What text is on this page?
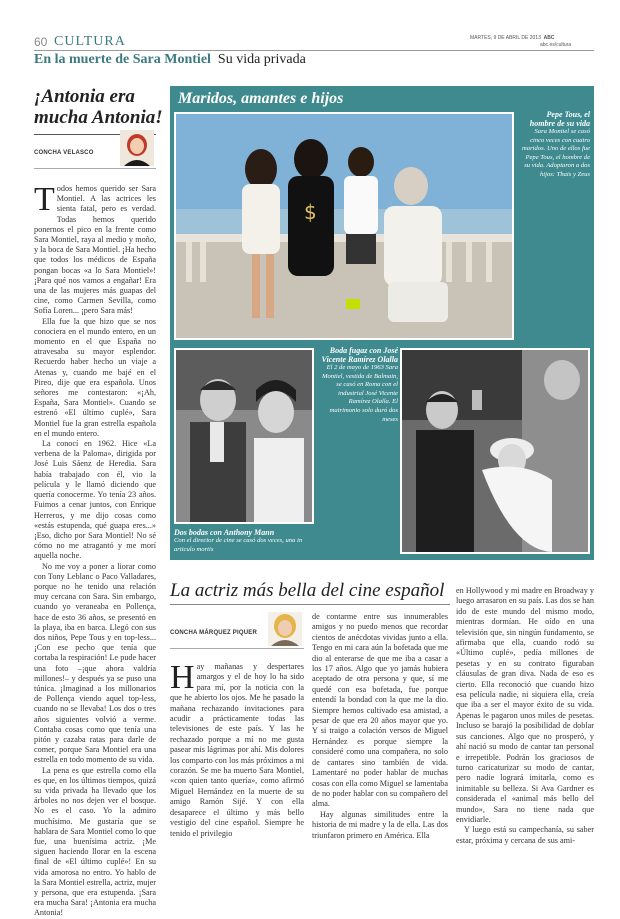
60 CULTURA	MARTES, 9 DE ABRIL DE 2013 ABC
abc.es/cultura
En la muerte de Sara Montiel Su vida privada
¡Antonia era mucha Antonia!
CONCHA VELASCO
T odos hemos querido ser Sara Montiel. A las actrices les sienta fatal, pero es verdad. Todas hemos querido ponernos el pico en la frente como Sara Montiel, raya al medio y moño, y la boca de Sara Montiel. ¡Ha hecho que todos los médicos de España pongan bocas «a lo Sara Montiel»! ¡Para qué nos vamos a engañar! Era una de las mujeres más guapas del cine, como Carmen Sevilla, como Sofía Loren... ¡pero Sara más!

Ella fue la que hizo que se nos conociera en el mundo entero, en un momento en el que España no atravesaba su mayor esplendor. Recuerdo haber hecho un viaje a Atenas y, cuando me bajé en el Pireo, dije que era española. Unos señores me contestaron: «¡Ah, España, Sara Montiel». Cuando se estrenó «El último cuplé», Sara Montiel fue la gran estrella española en el mundo entero.

La conocí en 1962. Hice «La verbena de la Paloma», dirigida por José Luis Sáenz de Heredia. Sara había trabajado con él, vio la película y le llamó diciendo que quería conocerme. Yo tenía 23 años. Fuimos a cenar juntos, con Enrique Herreros, y me dijo cosas como «estás estupenda, qué guapa eres...» ¡Eso, dicho por Sara Montiel! No sé cómo no me atragantó y me morí aquella noche.

No me voy a poner a liorar como con Tony Leblanc o Paco Valladares, porque no he tenido una relación muy cercana con Sara. Sin embargo, cuando yo veraneaba en Pollença, hace de esto 36 años, se presentó en la playa, iba en barca. Llegó con sus dos niños, Pepe Tous y en top-less... ¡Con ese pecho que tenía que cortaba la respiración! Le pude hacer una foto –¡que ahora valdría millones!– y después ya se puso una túnica. ¡Imaginad a los millonarios de Pollença viendo aquel top-less, cuando no se llevaba! Los dos o tres años siguientes volvió a verme. Contaba cosas como que tenía una pitón y cazaba ratas para darle de comer, porque Sara Montiel era una estrella en todo momento de su vida.

La pena es que estrella como ella es que, en los últimos tiempos, quizá su vida privada ha llevado que los árboles no nos dejen ver el bosque. No es el caso. Yo la admiro muchísimo. Me gustaría que se hablara de Sara Montiel como lo que fue, una buenísima actriz. ¡Me siguen haciendo llorar en la escena final de «El último cuplé»! En su vida amorosa no entro. Yo hablo de la Sara Montiel estrella, actriz, mujer y persona, que era estupenda. ¡Sara era mucha Sara! ¡Antonia era mucha Antonia!

Maridos, amantes e hijos
$
Pepe Tous, el hombre de su vida
Sara Montiel se casó cinco veces con cuatro maridos. Uno de ellos fue Pepe Tous, el hombre de su vida. Adoptaron a dos hijos: Thais y Zeus
Dos bodas con Anthony Mann
Con el director de cine se casó dos veces, una in articulo mortis
Boda fugaz con José Vicente Ramírez Olalla
El 2 de mayo de 1963 Sara Montiel, vestida de Balmain, se casó en Roma con el industrial José Vicente Ramírez Olalla. El matrimonio solo duró dos meses
La actriz más bella del cine español
CONCHA MÁRQUEZ PIQUER
H ay mañanas y despertares amargos y el de hoy lo ha sido para mí, por la noticia con la que he abierto los ojos. Me he pasado la mañana rechazando invitaciones para acudir a prácticamente todas las televisiones de este país. Y las he rechazado porque a mí no me gusta pasear mis lágrimas por ahí. Mis dolores los comparto con los más próximos a mi corazón. Se me ha muerto Sara Montiel, «con quien tanto quería», como afirmó Miguel Hernández en la muerte de su amigo Ramón Sijé. Y con ella desaparece el último y más bello vestigio del cine español. Siempre he tenido el privilegio

de contarme entre sus innumerables amigos y no puedo menos que recordar cientos de anécdotas vividas junto a ella. Tengo en mi cara aún la bofetada que me dio al enterarse de que me iba a casar a los 17 años. Algo que yo jamás hubiera aceptado de otra persona y que, sí me quedé con esa bofetada, fue porque entendí la bondad con la que me la dio. Siempre hemos cultivado esa amistad, a pesar de que era 20 años mayor que yo. Y si traigo a colación versos de Miguel Hernández es porque siempre la consideré como una compañera, no solo de cantares sino también de vida. Lamentaré no poder hablar de muchas cosas con ella como Miguel se lamentaba de no poder hablar con su compañero del alma.

Hay algunas similitudes entre la historia de mi madre y la de ella. Las dos triunfaron primero en América. Ella

en Hollywood y mi madre en Broadway y luego arrasaron en su país. Las dos se han ido de este mundo del mismo modo, mientras dormían. He oído en una televisión que, sin ningún fundamento, se afirmaba que ella, cuando rodó su «Último cuplé», pedía millones de pesetas y en su contrato figuraban cláusulas de gran diva. Nada de eso es cierto. Ella reconoció que cuando hizo esa película nadie, ni siquiera ella, creía que iba a ser el mayor éxito de su vida. Apenas le pagaron unos miles de pesetas. Incluso se barajó la posibilidad de doblar sus canciones. Algo que no prosperó, y ahí nació su modo de cantar tan personal e irrepetible. Podrán los graciosos de turno caricaturizar su modo de cantar, pero nadie logrará imitarla, como es inimitable su belleza. Si Ava Gardner es considerada el «animal más bello del mundo», Sara no tiene nada que envidiarle.

Y luego está su campechanía, su saber estar, próxima y cercana de sus ami-
